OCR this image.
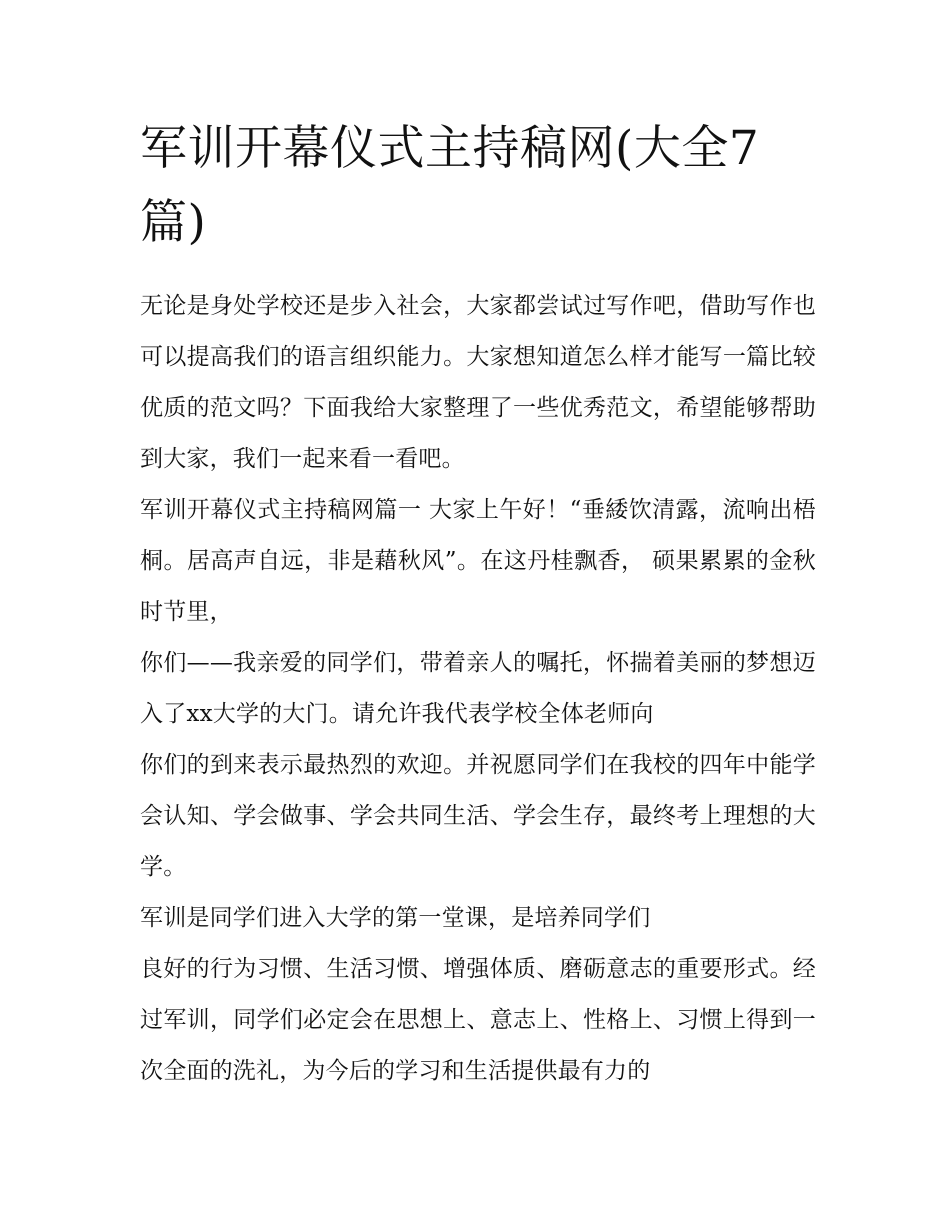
军训开幕仪式主持稿网(大全7篇)

无论是身处学校还是步入社会，大家都尝试过写作吧，借助写作也可以提高我们的语言组织能力。大家想知道怎么样才能写一篇比较优质的范文吗？下面我给大家整理了一些优秀范文，希望能够帮助到大家，我们一起来看一看吧。

军训开幕仪式主持稿网篇一 大家上午好！“垂緌饮清露，流响出梧桐。居高声自远，非是藉秋风”。在这丹桂飘香， 硕果累累的金秋时节里，

你们——我亲爱的同学们，带着亲人的嘱托，怀揣着美丽的梦想迈入了xx大学的大门。请允许我代表学校全体老师向

你们的到来表示最热烈的欢迎。并祝愿同学们在我校的四年中能学会认知、学会做事、学会共同生活、学会生存，最终考上理想的大学。

军训是同学们进入大学的第一堂课，是培养同学们

良好的行为习惯、生活习惯、增强体质、磨砺意志的重要形式。经过军训，同学们必定会在思想上、意志上、性格上、习惯上得到一次全面的洗礼，为今后的学习和生活提供最有力的
